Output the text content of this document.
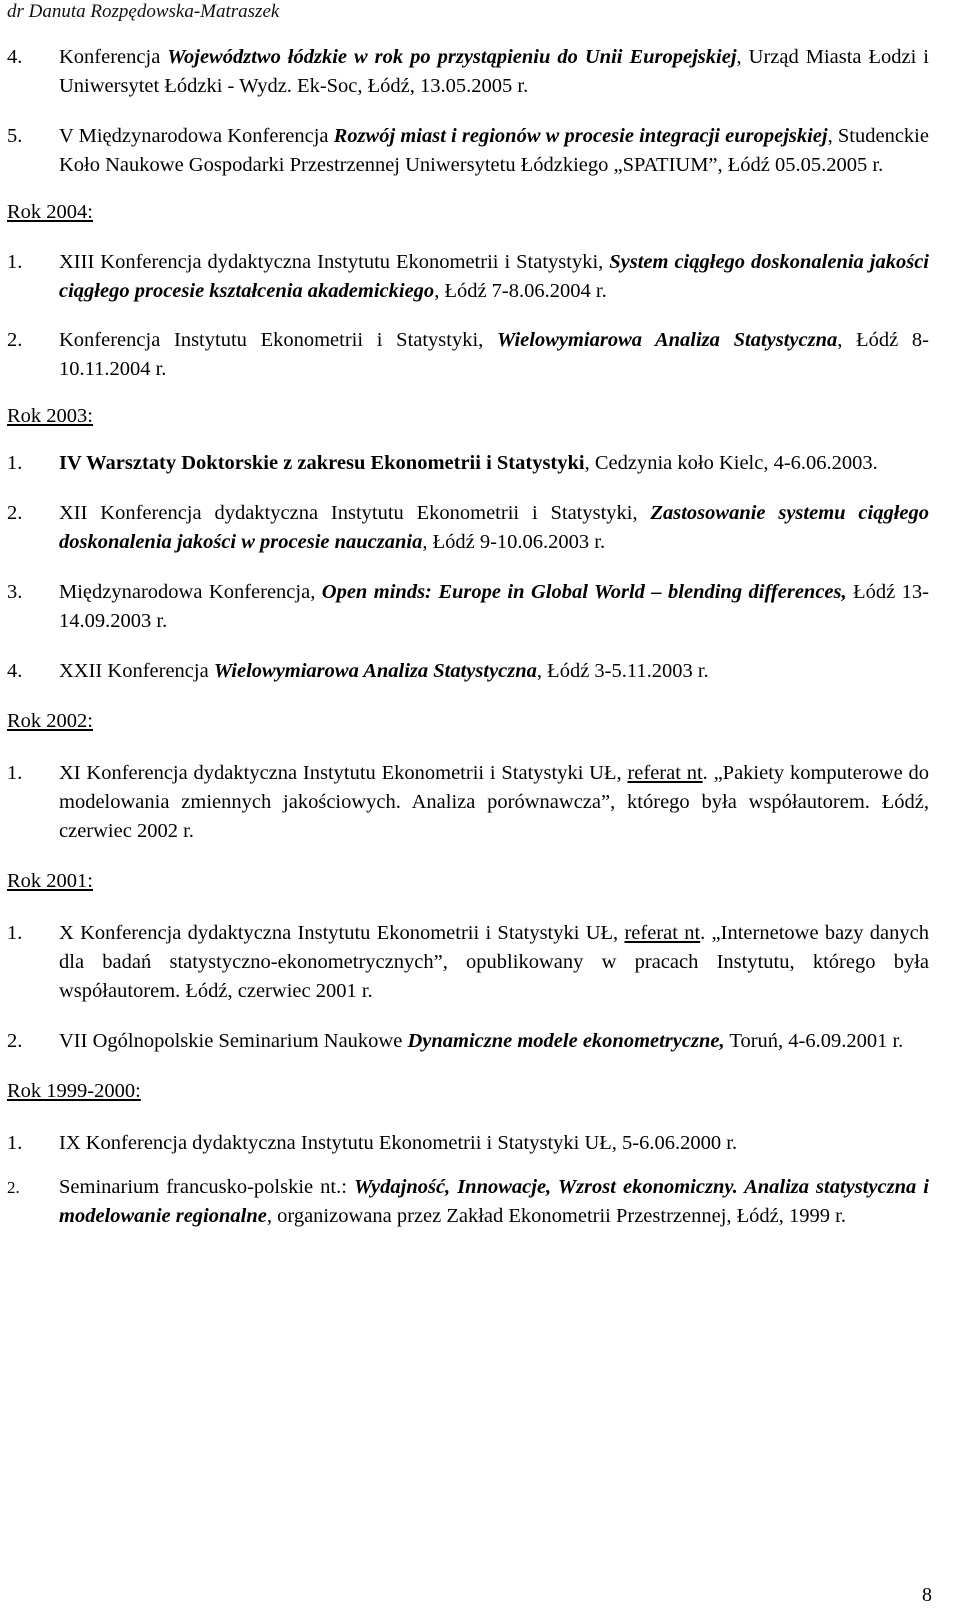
dr Danuta Rozpędowska-Matraszek
4. Konferencja Województwo łódzkie w rok po przystąpieniu do Unii Europejskiej, Urząd Miasta Łodzi i Uniwersytet Łódzki - Wydz. Ek-Soc, Łódź, 13.05.2005 r.
5. V Międzynarodowa Konferencja Rozwój miast i regionów w procesie integracji europejskiej, Studenckie Koło Naukowe Gospodarki Przestrzennej Uniwersytetu Łódzkiego „SPATIUM”, Łódź 05.05.2005 r.
Rok 2004:
1. XIII Konferencja dydaktyczna Instytutu Ekonometrii i Statystyki, System ciągłego doskonalenia jakości ciągłego procesie kształcenia akademickiego, Łódź 7-8.06.2004 r.
2. Konferencja Instytutu Ekonometrii i Statystyki, Wielowymiarowa Analiza Statystyczna, Łódź 8-10.11.2004 r.
Rok 2003:
1. IV Warsztaty Doktorskie z zakresu Ekonometrii i Statystyki, Cedzynia koło Kielc, 4-6.06.2003.
2. XII Konferencja dydaktyczna Instytutu Ekonometrii i Statystyki, Zastosowanie systemu ciągłego doskonalenia jakości w procesie nauczania, Łódź 9-10.06.2003 r.
3. Międzynarodowa Konferencja, Open minds: Europe in Global World – blending differences, Łódź 13-14.09.2003 r.
4. XXII Konferencja Wielowymiarowa Analiza Statystyczna, Łódź 3-5.11.2003 r.
Rok 2002:
1. XI Konferencja dydaktyczna Instytutu Ekonometrii i Statystyki UŁ, referat nt. „Pakiety komputerowe do modelowania zmiennych jakościowych. Analiza porównawcza”, którego była współautorem. Łódź, czerwiec 2002 r.
Rok 2001:
1. X Konferencja dydaktyczna Instytutu Ekonometrii i Statystyki UŁ, referat nt. „Internetowe bazy danych dla badań statystyczno-ekonometrycznych”, opublikowany w pracach Instytutu, którego była współautorem. Łódź, czerwiec 2001 r.
2. VII Ogólnopolskie Seminarium Naukowe Dynamiczne modele ekonometryczne, Toruń, 4-6.09.2001 r.
Rok 1999-2000:
1. IX Konferencja dydaktyczna Instytutu Ekonometrii i Statystyki UŁ, 5-6.06.2000 r.
2. Seminarium francusko-polskie nt.: Wydajność, Innowacje, Wzrost ekonomiczny. Analiza statystyczna i modelowanie regionalne, organizowana przez Zakład Ekonometrii Przestrzennej, Łódź, 1999 r.
8
